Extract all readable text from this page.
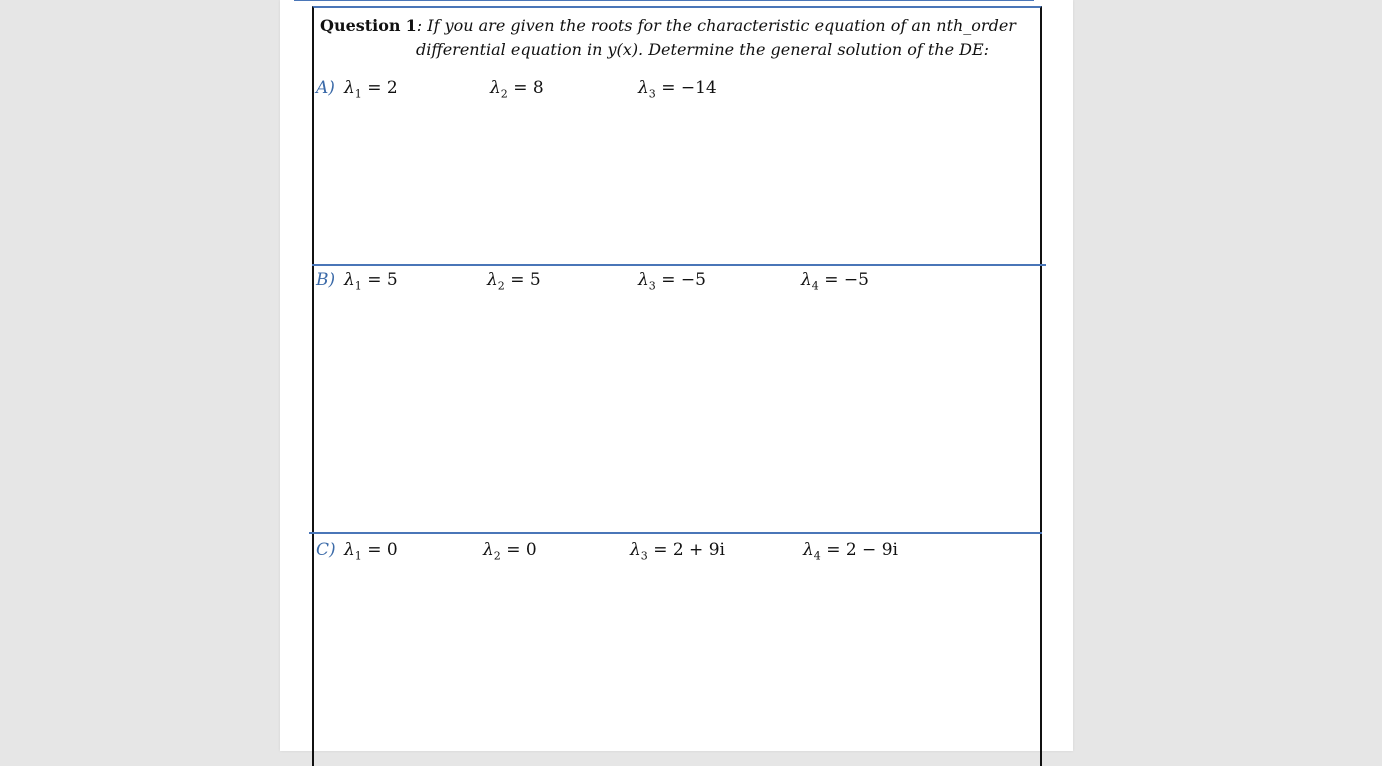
Question 1: If you are given the roots for the characteristic equation of an nth_order
differential equation in y(x). Determine the general solution of the DE:
A) $\lambda_1 = 2$	$\lambda_2 = 8$	$\lambda_3 = -14$
B) $\lambda_1 = 5$	$\lambda_2 = 5$	$\lambda_3 = -5$	$\lambda_4 = -5$
C) $\lambda_1 = 0$	$\lambda_2 = 0$	$\lambda_3 = 2 + 9i$	$\lambda_4 = 2 - 9i$
